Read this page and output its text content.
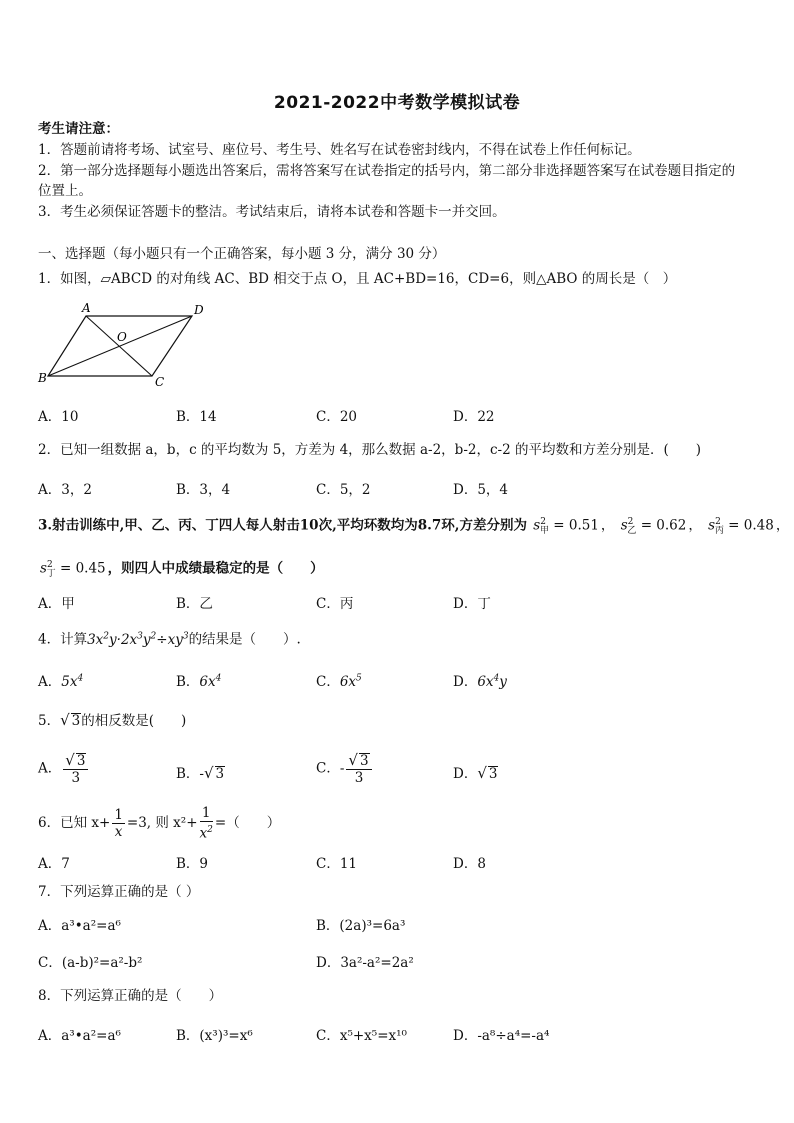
2021-2022中考数学模拟试卷
考生请注意：
1．答题前请将考场、试室号、座位号、考生号、姓名写在试卷密封线内，不得在试卷上作任何标记。
2．第一部分选择题每小题选出答案后，需将答案写在试卷指定的括号内，第二部分非选择题答案写在试卷题目指定的
位置上。
3．考生必须保证答题卡的整洁。考试结束后，请将本试卷和答题卡一并交回。
一、选择题（每小题只有一个正确答案，每小题 3 分，满分 30 分）
1．如图，▱ABCD 的对角线 AC、BD 相交于点 O，且 AC+BD=16，CD=6，则△ABO 的周长是（　）
A	D
B	C
O
A．10	B．14	C．20	D．22
2．已知一组数据 a，b，c 的平均数为 5，方差为 4，那么数据 a-2，b-2，c-2 的平均数和方差分别是．(　　)
A．3，2	B．3，4	C．5，2	D．5，4
3.射击训练中,甲、乙、丙、丁四人每人射击10次,平均环数均为8.7环,方差分别为 $s^2_甲 = 0.51$ ， $s^2_乙 = 0.62$ ， $s^2_丙 = 0.48$ ，
$s^2_丁 = 0.45$ ，则四人中成绩最稳定的是（　　）
A．甲	B．乙	C．丙	D．丁
4．计算$3x^2y\cdot 2x^3y^2\div xy^3$的结果是（　　）.
A．$5x^4$	B．$6x^4$	C．$6x^5$	D．$6x^4y$
5．√ 3的相反数是(　　)
A． $\frac{√ 3}{3}$	B．-√ 3	C．- $\frac{√ 3}{3}$	D．√ 3
6．已知 $x+ \frac{1}{x} =3$, 则 $x^2+ \frac{1}{x^2}$ =（　　）
A．7	B．9	C．11	D．8
7．下列运算正确的是（ ）
A．a³•a²=a⁶	B．(2a)³=6a³
C．(a-b)²=a²-b²	D．3a²-a²=2a²
8．下列运算正确的是（　　）
A．a³•a²=a⁶	B．(x³)³=x⁶	C．x⁵+x⁵=x¹⁰	D．-a⁸÷a⁴=-a⁴
